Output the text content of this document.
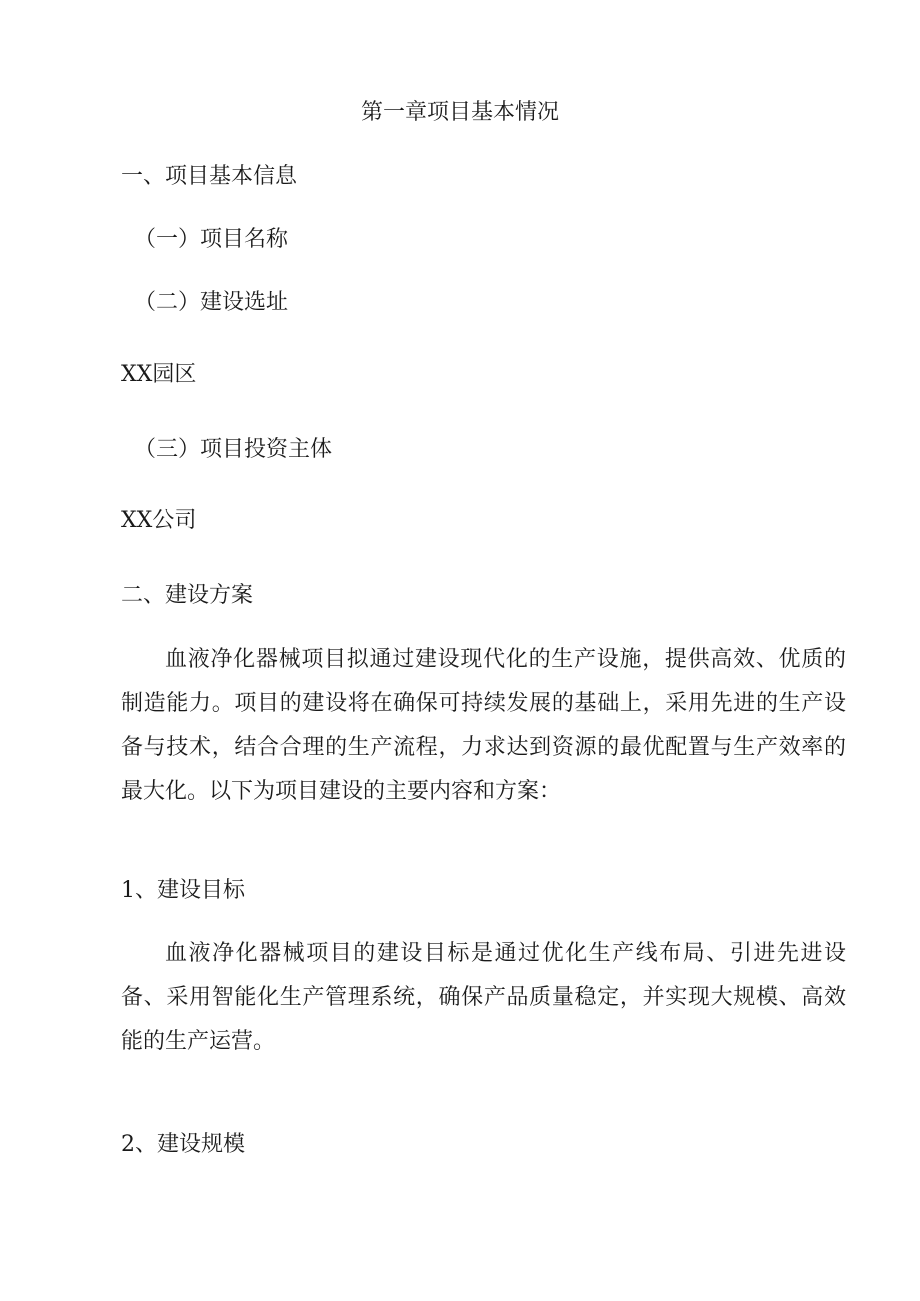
第一章项目基本情况

一、项目基本信息

（一）项目名称

（二）建设选址

XX园区

（三）项目投资主体

XX公司

二、建设方案

血液净化器械项目拟通过建设现代化的生产设施，提供高效、优质的制造能力。项目的建设将在确保可持续发展的基础上，采用先进的生产设备与技术，结合合理的生产流程，力求达到资源的最优配置与生产效率的最大化。以下为项目建设的主要内容和方案：

1、建设目标

血液净化器械项目的建设目标是通过优化生产线布局、引进先进设备、采用智能化生产管理系统，确保产品质量稳定，并实现大规模、高效能的生产运营。

2、建设规模
